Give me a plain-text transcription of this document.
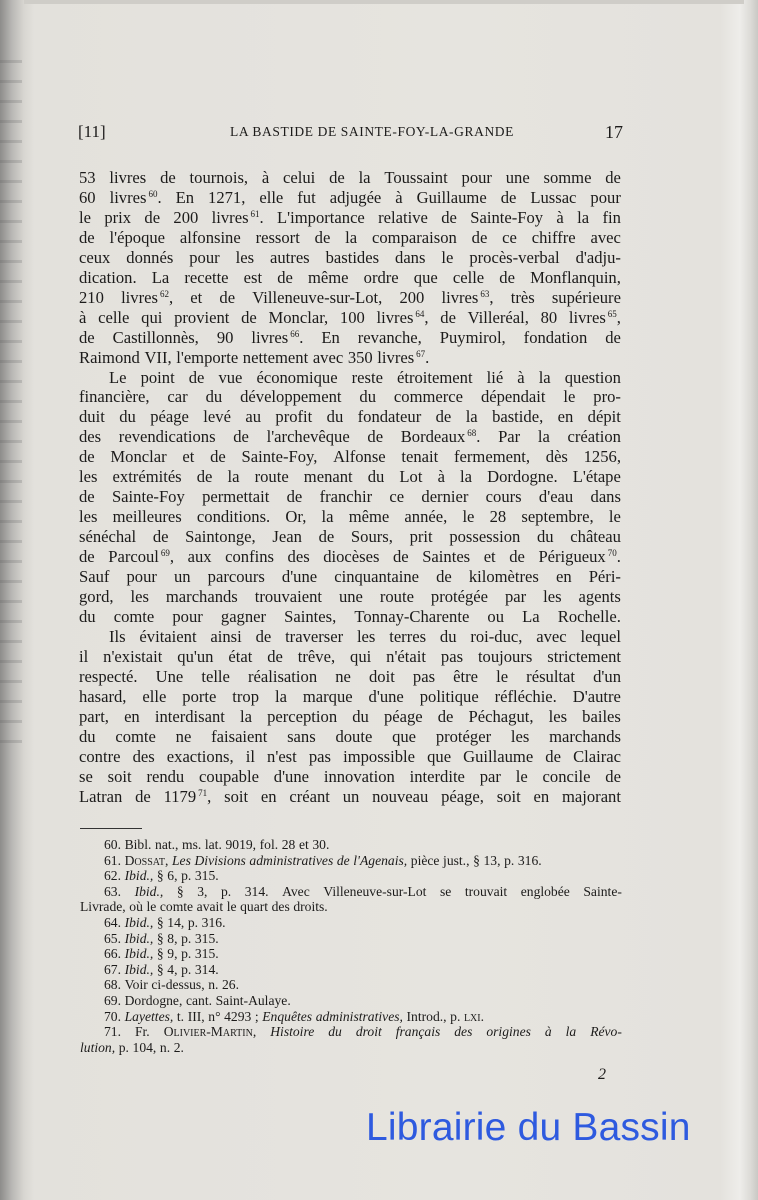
[11]	LA BASTIDE DE SAINTE-FOY-LA-GRANDE	17
53 livres de tournois, à celui de la Toussaint pour une somme de
60 livres $^{60}$. En 1271, elle fut adjugée à Guillaume de Lussac pour
le prix de 200 livres $^{61}$. L'importance relative de Sainte-Foy à la fin
de l'époque alfonsine ressort de la comparaison de ce chiffre avec
ceux donnés pour les autres bastides dans le procès-verbal d'adju-
dication. La recette est de même ordre que celle de Monflanquin,
210 livres $^{62}$, et de Villeneuve-sur-Lot, 200 livres $^{63}$, très supérieure
à celle qui provient de Monclar, 100 livres $^{64}$, de Villeréal, 80 livres $^{65}$,
de Castillonnès, 90 livres $^{66}$. En revanche, Puymirol, fondation de
Raimond VII, l'emporte nettement avec 350 livres $^{67}$.
Le point de vue économique reste étroitement lié à la question
financière, car du développement du commerce dépendait le pro-
duit du péage levé au profit du fondateur de la bastide, en dépit
des revendications de l'archevêque de Bordeaux $^{68}$. Par la création
de Monclar et de Sainte-Foy, Alfonse tenait fermement, dès 1256,
les extrémités de la route menant du Lot à la Dordogne. L'étape
de Sainte-Foy permettait de franchir ce dernier cours d'eau dans
les meilleures conditions. Or, la même année, le 28 septembre, le
sénéchal de Saintonge, Jean de Sours, prit possession du château
de Parcoul $^{69}$, aux confins des diocèses de Saintes et de Périgueux $^{70}$.
Sauf pour un parcours d'une cinquantaine de kilomètres en Péri-
gord, les marchands trouvaient une route protégée par les agents
du comte pour gagner Saintes, Tonnay-Charente ou La Rochelle.
Ils évitaient ainsi de traverser les terres du roi-duc, avec lequel
il n'existait qu'un état de trêve, qui n'était pas toujours strictement
respecté. Une telle réalisation ne doit pas être le résultat d'un
hasard, elle porte trop la marque d'une politique réfléchie. D'autre
part, en interdisant la perception du péage de Péchagut, les bailes
du comte ne faisaient sans doute que protéger les marchands
contre des exactions, il n'est pas impossible que Guillaume de Clairac
se soit rendu coupable d'une innovation interdite par le concile de
Latran de 1179 $^{71}$, soit en créant un nouveau péage, soit en majorant
60. Bibl. nat., ms. lat. 9019, fol. 28 et 30.
61. Dossat, Les Divisions administratives de l'Agenais, pièce just., § 13, p. 316.
62. Ibid., § 6, p. 315.
63. Ibid., § 3, p. 314. Avec Villeneuve-sur-Lot se trouvait englobée Sainte-
Livrade, où le comte avait le quart des droits.
64. Ibid., § 14, p. 316.
65. Ibid., § 8, p. 315.
66. Ibid., § 9, p. 315.
67. Ibid., § 4, p. 314.
68. Voir ci-dessus, n. 26.
69. Dordogne, cant. Saint-Aulaye.
70. Layettes, t. III, n° 4293 ; Enquêtes administratives, Introd., p. lxi.
71. Fr. Olivier-Martin, Histoire du droit français des origines à la Révo-
lution, p. 104, n. 2.
2
Librairie du Bassin
